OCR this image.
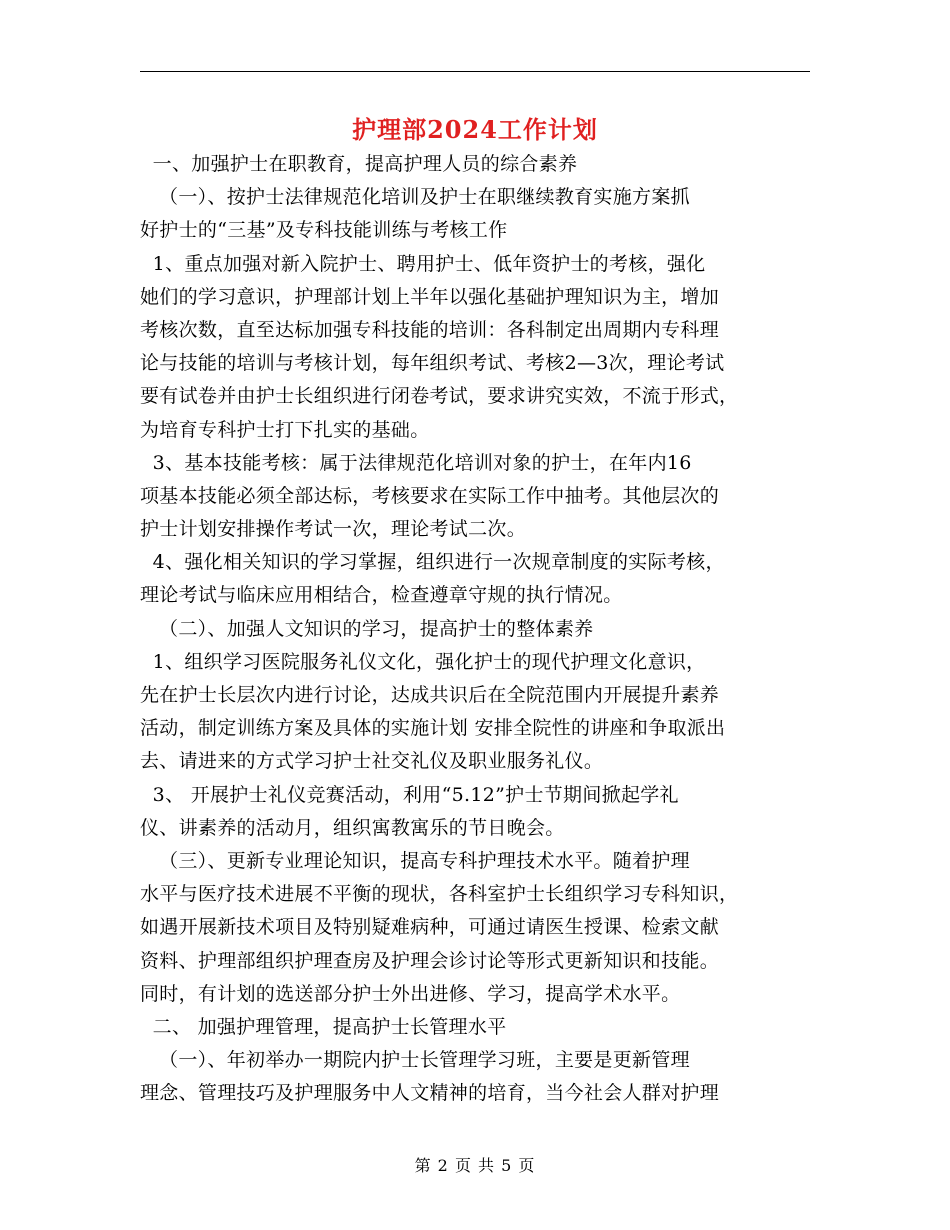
护理部2024工作计划
一、加强护士在职教育，提高护理人员的综合素养
（一）、按护士法律规范化培训及护士在职继续教育实施方案抓
好护士的“三基”及专科技能训练与考核工作
1、重点加强对新入院护士、聘用护士、低年资护士的考核，强化
她们的学习意识，护理部计划上半年以强化基础护理知识为主，增加
考核次数，直至达标加强专科技能的培训：各科制定出周期内专科理
论与技能的培训与考核计划，每年组织考试、考核2—3次，理论考试
要有试卷并由护士长组织进行闭卷考试，要求讲究实效，不流于形式，
为培育专科护士打下扎实的基础。
3、基本技能考核：属于法律规范化培训对象的护士，在年内16
项基本技能必须全部达标，考核要求在实际工作中抽考。其他层次的
护士计划安排操作考试一次，理论考试二次。
4、强化相关知识的学习掌握，组织进行一次规章制度的实际考核，
理论考试与临床应用相结合，检查遵章守规的执行情况。
（二）、加强人文知识的学习，提高护士的整体素养
1、组织学习医院服务礼仪文化，强化护士的现代护理文化意识，
先在护士长层次内进行讨论，达成共识后在全院范围内开展提升素养
活动，制定训练方案及具体的实施计划 安排全院性的讲座和争取派出
去、请进来的方式学习护士社交礼仪及职业服务礼仪。
3、 开展护士礼仪竞赛活动，利用“5.12”护士节期间掀起学礼
仪、讲素养的活动月，组织寓教寓乐的节日晚会。
（三）、更新专业理论知识，提高专科护理技术水平。随着护理
水平与医疗技术进展不平衡的现状，各科室护士长组织学习专科知识，
如遇开展新技术项目及特别疑难病种，可通过请医生授课、检索文献
资料、护理部组织护理查房及护理会诊讨论等形式更新知识和技能。
同时，有计划的选送部分护士外出进修、学习，提高学术水平。
二、 加强护理管理，提高护士长管理水平
（一）、年初举办一期院内护士长管理学习班，主要是更新管理
理念、管理技巧及护理服务中人文精神的培育，当今社会人群对护理
第 2 页 共 5 页
